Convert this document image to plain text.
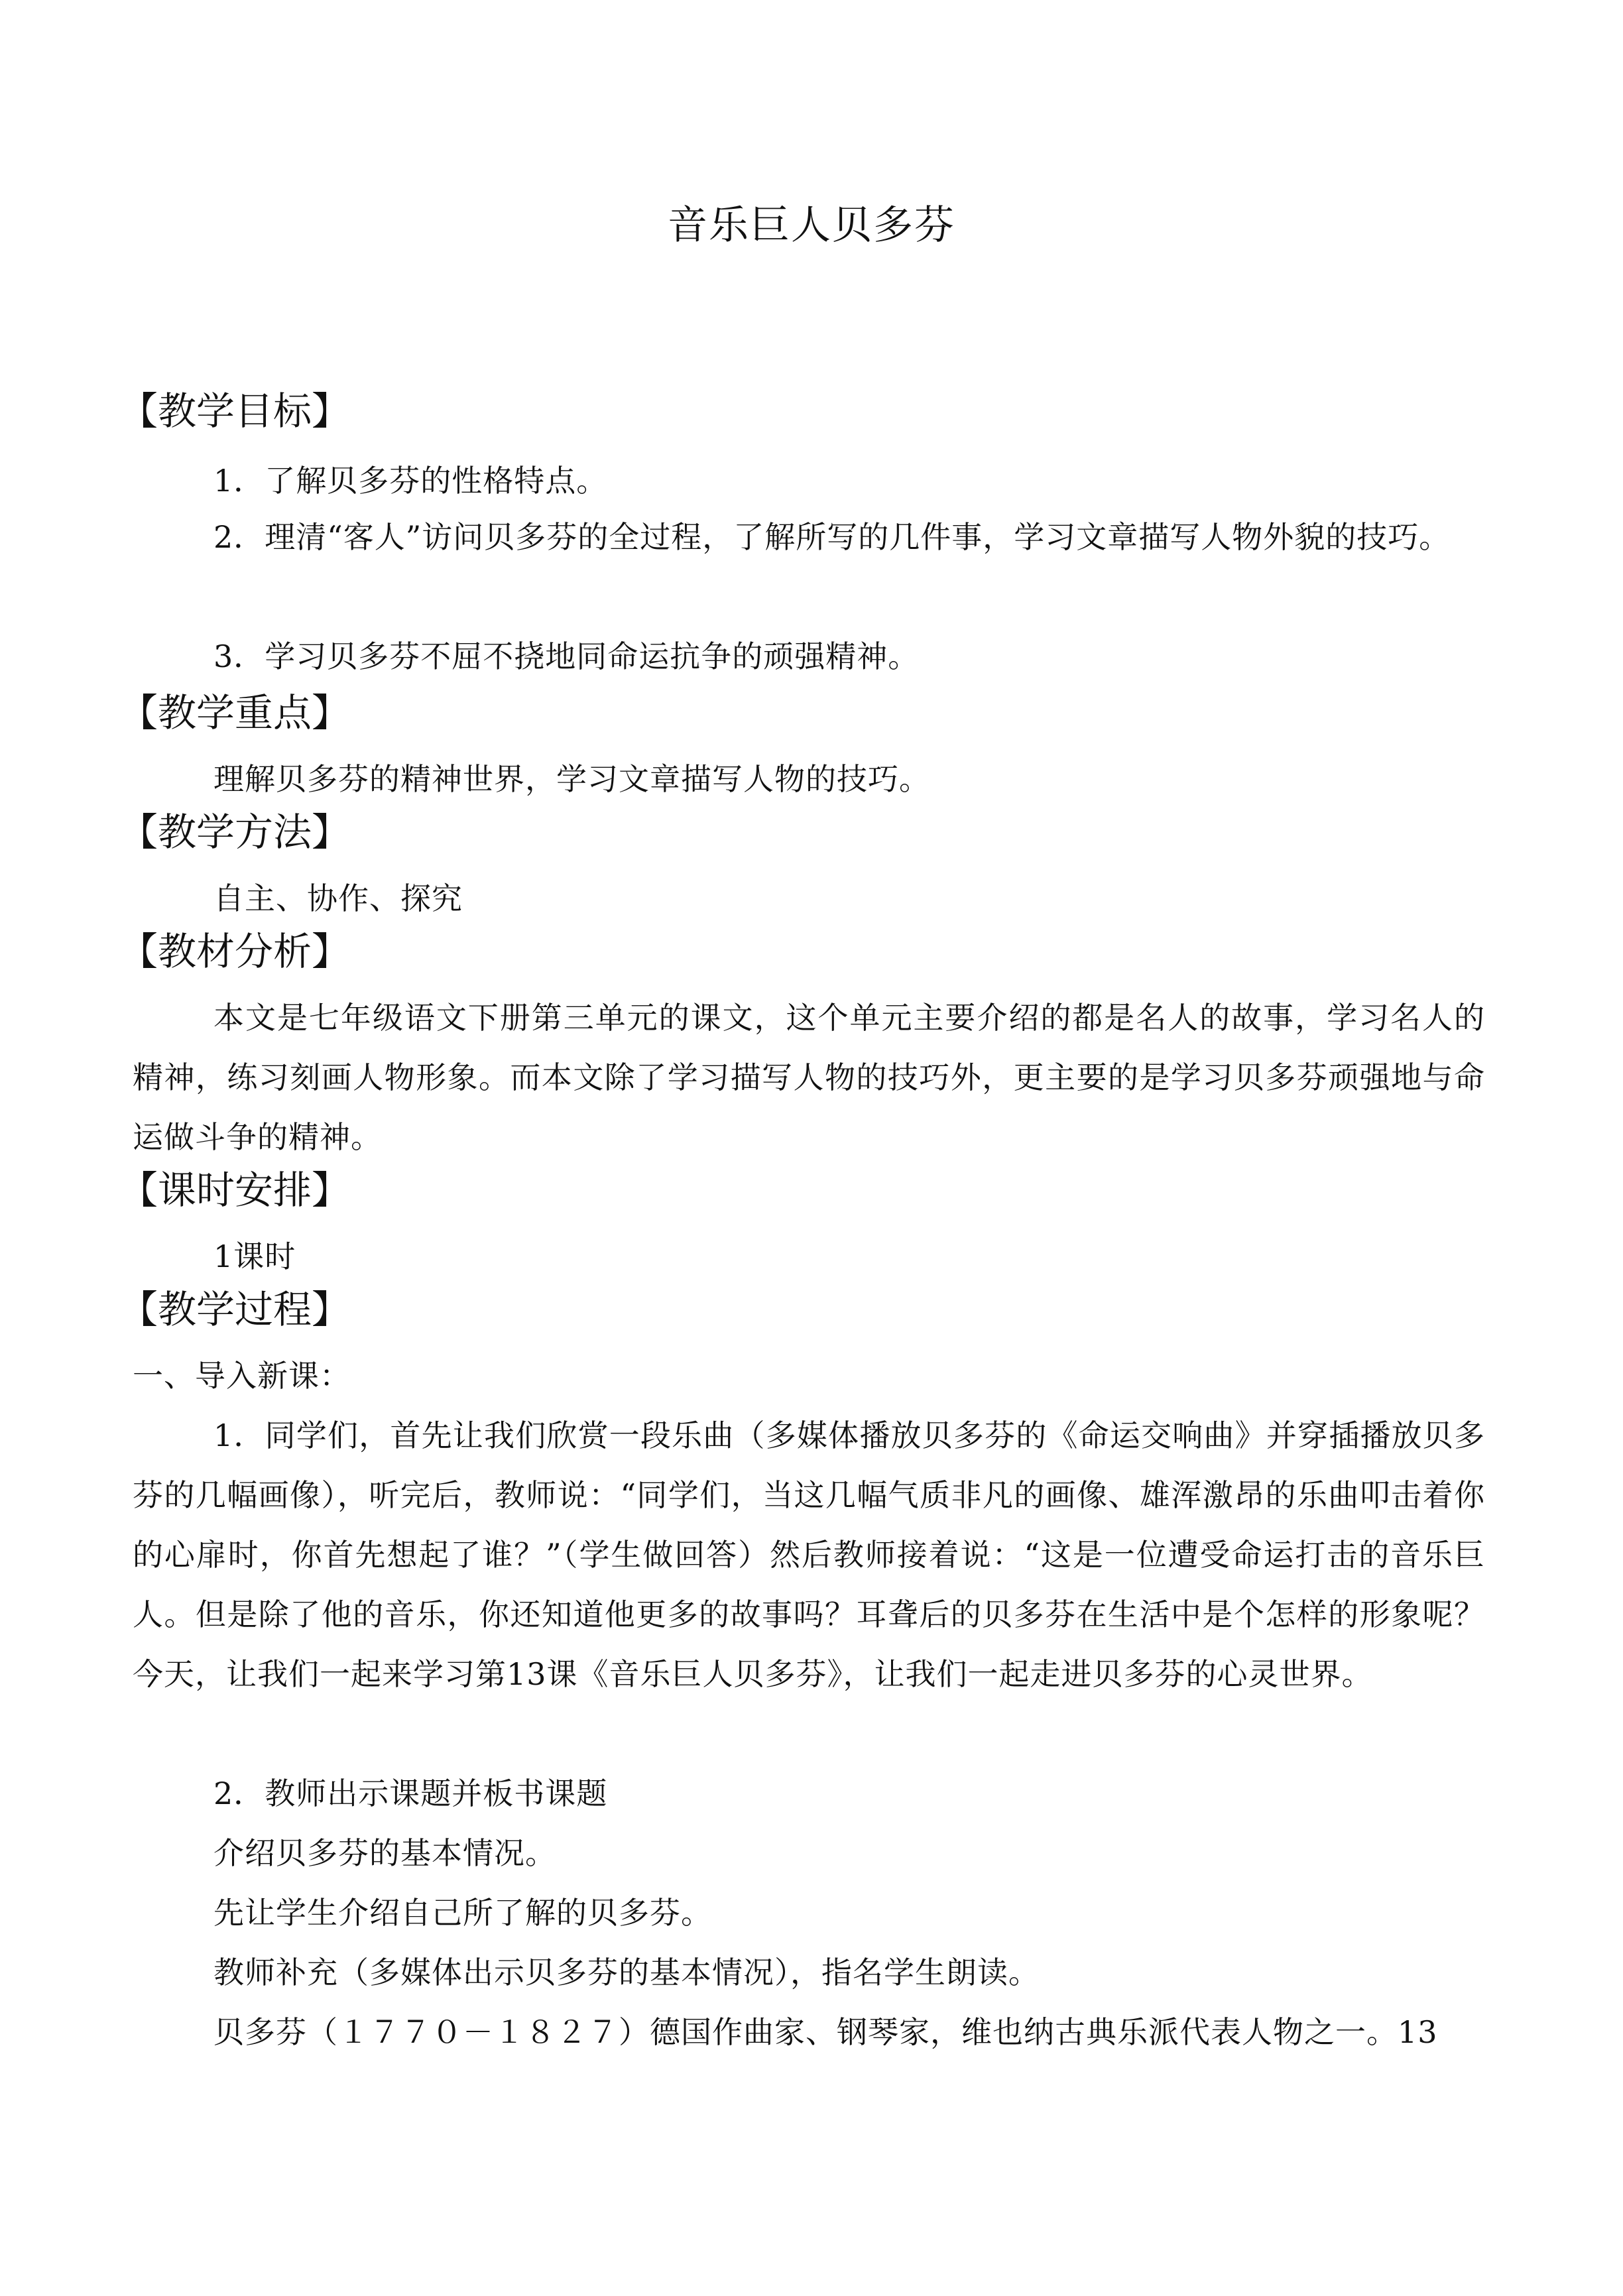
音乐巨人贝多芬
【教学目标】

1．了解贝多芬的性格特点。

2．理清“客人”访问贝多芬的全过程，了解所写的几件事，学习文章描写人物外貌的技巧。

3．学习贝多芬不屈不挠地同命运抗争的顽强精神。

【教学重点】

理解贝多芬的精神世界，学习文章描写人物的技巧。

【教学方法】

自主、协作、探究

【教材分析】

本文是七年级语文下册第三单元的课文，这个单元主要介绍的都是名人的故事，学习名人的精神，练习刻画人物形象。而本文除了学习描写人物的技巧外，更主要的是学习贝多芬顽强地与命运做斗争的精神。

【课时安排】

1课时

【教学过程】

一、导入新课：

1．同学们，首先让我们欣赏一段乐曲（多媒体播放贝多芬的《命运交响曲》并穿插播放贝多芬的几幅画像），听完后，教师说：“同学们，当这几幅气质非凡的画像、雄浑激昂的乐曲叩击着你的心扉时，你首先想起了谁？”（学生做回答）然后教师接着说：“这是一位遭受命运打击的音乐巨人。但是除了他的音乐，你还知道他更多的故事吗？耳聋后的贝多芬在生活中是个怎样的形象呢？今天，让我们一起来学习第13课《音乐巨人贝多芬》，让我们一起走进贝多芬的心灵世界。

2．教师出示课题并板书课题

介绍贝多芬的基本情况。

先让学生介绍自己所了解的贝多芬。

教师补充（多媒体出示贝多芬的基本情况），指名学生朗读。

贝多芬（１７７０－１８２７）德国作曲家、钢琴家，维也纳古典乐派代表人物之一。13
